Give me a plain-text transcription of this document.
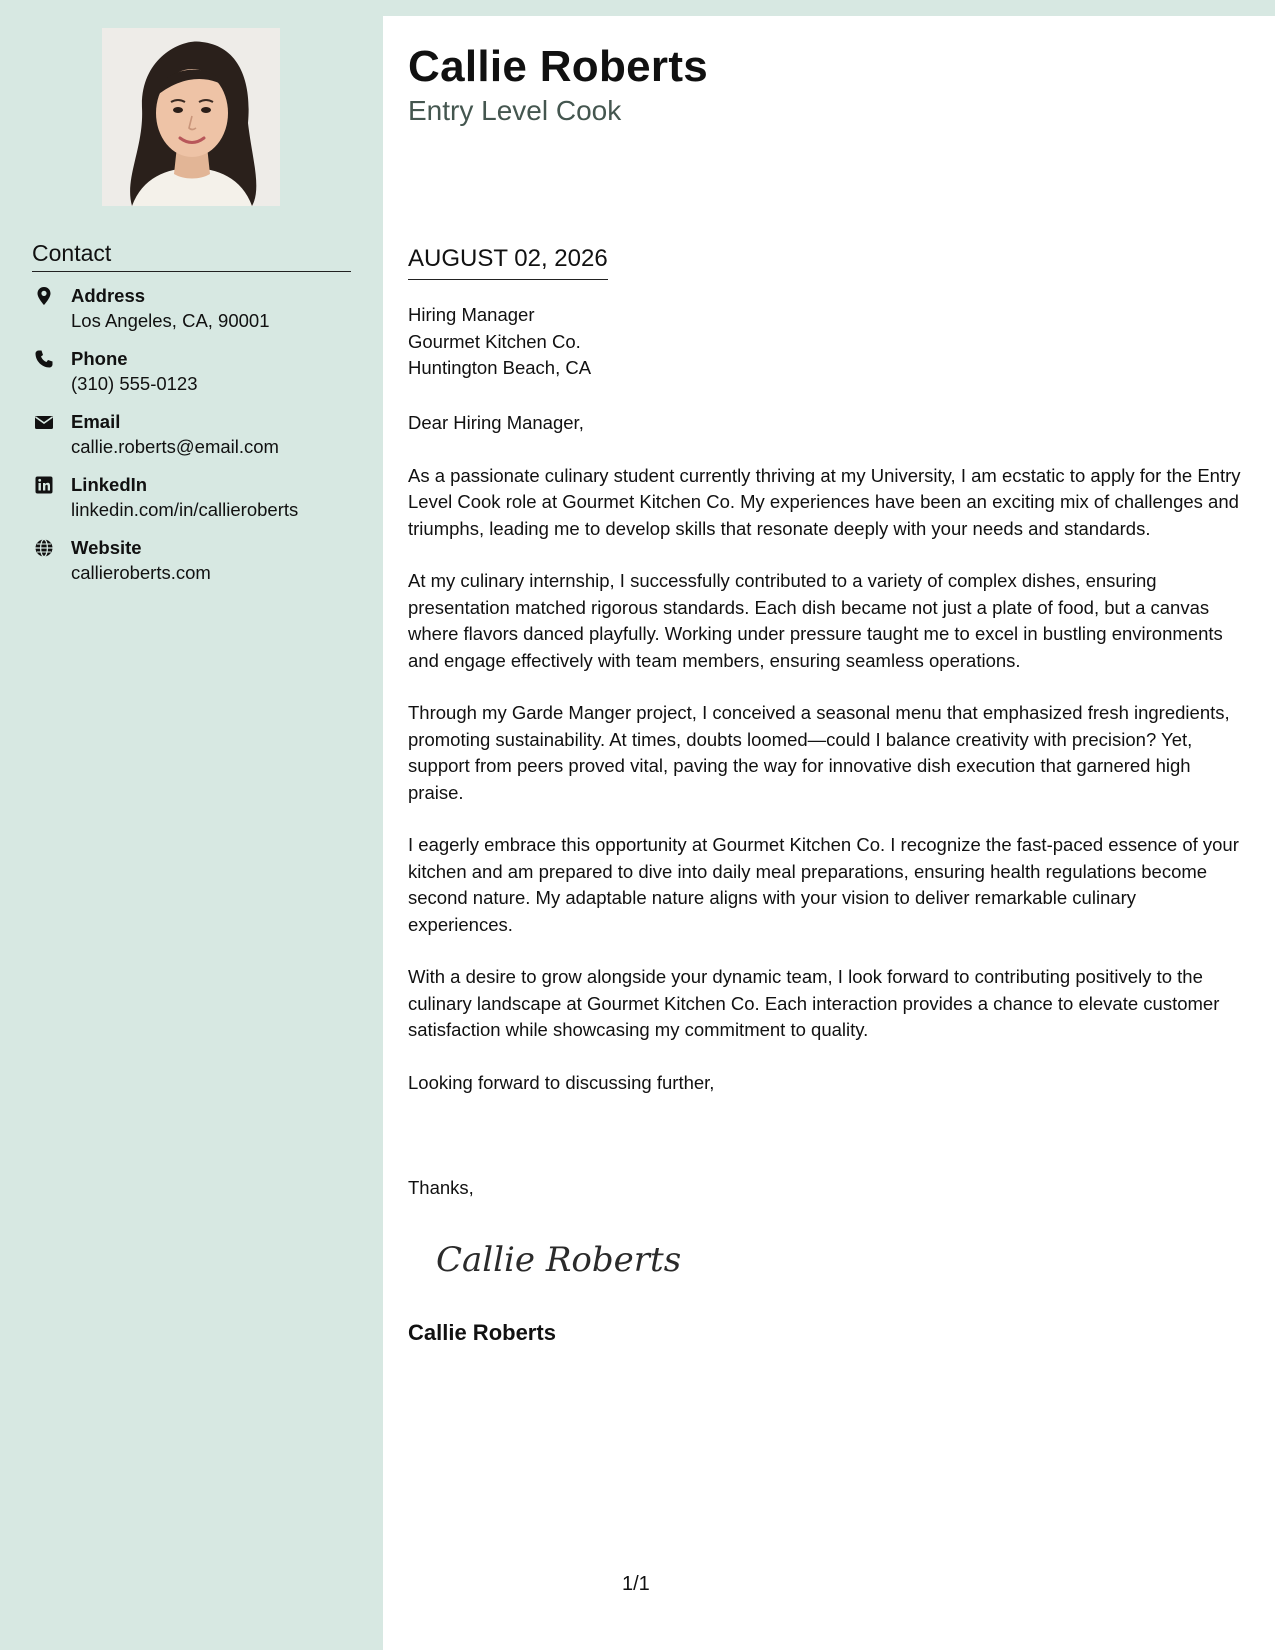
Contact
Address
Los Angeles, CA, 90001
Phone
(310) 555-0123
Email
callie.roberts@email.com
LinkedIn
linkedin.com/in/callieroberts
Website
callieroberts.com
Callie Roberts
Entry Level Cook
AUGUST 02, 2026
Hiring Manager
Gourmet Kitchen Co.
Huntington Beach, CA

Dear Hiring Manager,

As a passionate culinary student currently thriving at my University, I am ecstatic to apply for the Entry Level Cook role at Gourmet Kitchen Co. My experiences have been an exciting mix of challenges and triumphs, leading me to develop skills that resonate deeply with your needs and standards.

At my culinary internship, I successfully contributed to a variety of complex dishes, ensuring presentation matched rigorous standards. Each dish became not just a plate of food, but a canvas where flavors danced playfully. Working under pressure taught me to excel in bustling environments and engage effectively with team members, ensuring seamless operations.

Through my Garde Manger project, I conceived a seasonal menu that emphasized fresh ingredients, promoting sustainability. At times, doubts loomed—could I balance creativity with precision? Yet, support from peers proved vital, paving the way for innovative dish execution that garnered high praise.

I eagerly embrace this opportunity at Gourmet Kitchen Co. I recognize the fast-paced essence of your kitchen and am prepared to dive into daily meal preparations, ensuring health regulations become second nature. My adaptable nature aligns with your vision to deliver remarkable culinary experiences.

With a desire to grow alongside your dynamic team, I look forward to contributing positively to the culinary landscape at Gourmet Kitchen Co. Each interaction provides a chance to elevate customer satisfaction while showcasing my commitment to quality.

Looking forward to discussing further,

Thanks,
Callie Roberts
Callie Roberts
1/1
